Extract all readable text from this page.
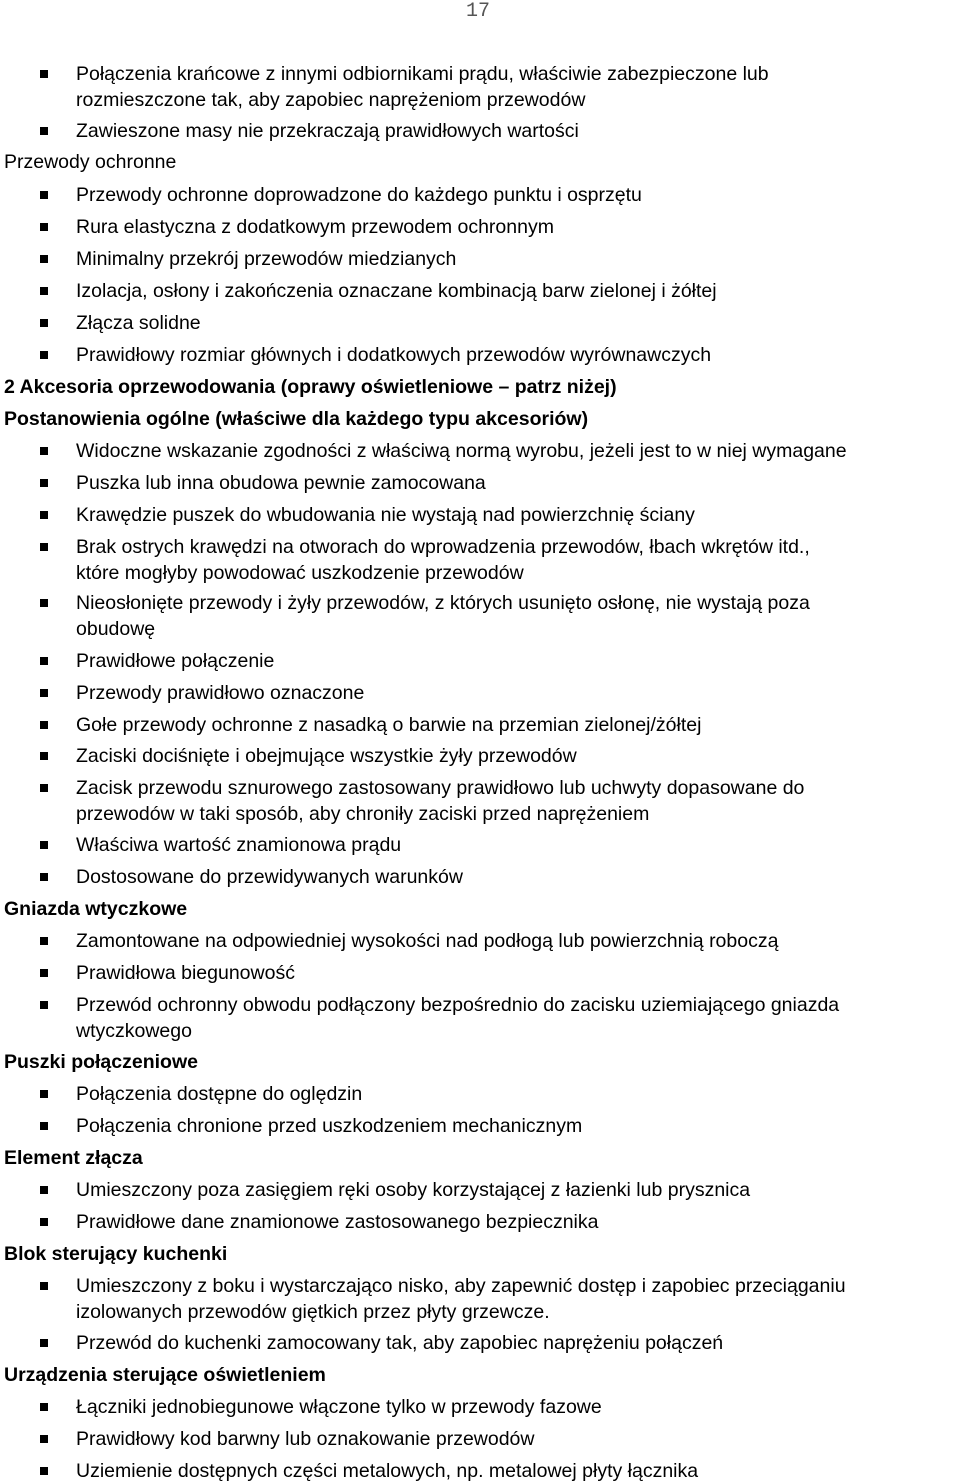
17
Połączenia krańcowe z innymi odbiornikami prądu, właściwie zabezpieczone lub
rozmieszczone tak, aby zapobiec naprężeniom przewodów
Zawieszone masy nie przekraczają prawidłowych wartości
Przewody ochronne
Przewody ochronne doprowadzone do każdego punktu i osprzętu
Rura elastyczna z dodatkowym przewodem ochronnym
Minimalny przekrój przewodów miedzianych
Izolacja, osłony i zakończenia oznaczane kombinacją barw zielonej i żółtej
Złącza solidne
Prawidłowy rozmiar głównych i dodatkowych przewodów wyrównawczych
2 Akcesoria oprzewodowania (oprawy oświetleniowe – patrz niżej)
Postanowienia ogólne (właściwe dla każdego typu akcesoriów)
Widoczne wskazanie zgodności z właściwą normą wyrobu, jeżeli jest to w niej wymagane
Puszka lub inna obudowa pewnie zamocowana
Krawędzie puszek do wbudowania nie wystają nad powierzchnię ściany
Brak ostrych krawędzi na otworach do wprowadzenia przewodów, łbach wkrętów itd.,
które mogłyby powodować uszkodzenie przewodów
Nieosłonięte przewody i żyły przewodów, z których usunięto osłonę, nie wystają poza
obudowę
Prawidłowe połączenie
Przewody prawidłowo oznaczone
Gołe przewody ochronne z nasadką o barwie na przemian zielonej/żółtej
Zaciski dociśnięte i obejmujące wszystkie żyły przewodów
Zacisk przewodu sznurowego zastosowany prawidłowo lub uchwyty dopasowane do
przewodów w taki sposób, aby chroniły zaciski przed naprężeniem
Właściwa wartość znamionowa prądu
Dostosowane do przewidywanych warunków
Gniazda wtyczkowe
Zamontowane na odpowiedniej wysokości nad podłogą lub powierzchnią roboczą
Prawidłowa biegunowość
Przewód ochronny obwodu podłączony bezpośrednio do zacisku uziemiającego gniazda
wtyczkowego
Puszki połączeniowe
Połączenia dostępne do oględzin
Połączenia chronione przed uszkodzeniem mechanicznym
Element złącza
Umieszczony poza zasięgiem ręki osoby korzystającej z łazienki lub prysznica
Prawidłowe dane znamionowe zastosowanego bezpiecznika
Blok sterujący kuchenki
Umieszczony z boku i wystarczająco nisko, aby zapewnić dostęp i zapobiec przeciąganiu
izolowanych przewodów giętkich przez płyty grzewcze.
Przewód do kuchenki zamocowany tak, aby zapobiec naprężeniu połączeń
Urządzenia sterujące oświetleniem
Łączniki jednobiegunowe włączone tylko w przewody fazowe
Prawidłowy kod barwny lub oznakowanie przewodów
Uziemienie dostępnych części metalowych, np. metalowej płyty łącznika
